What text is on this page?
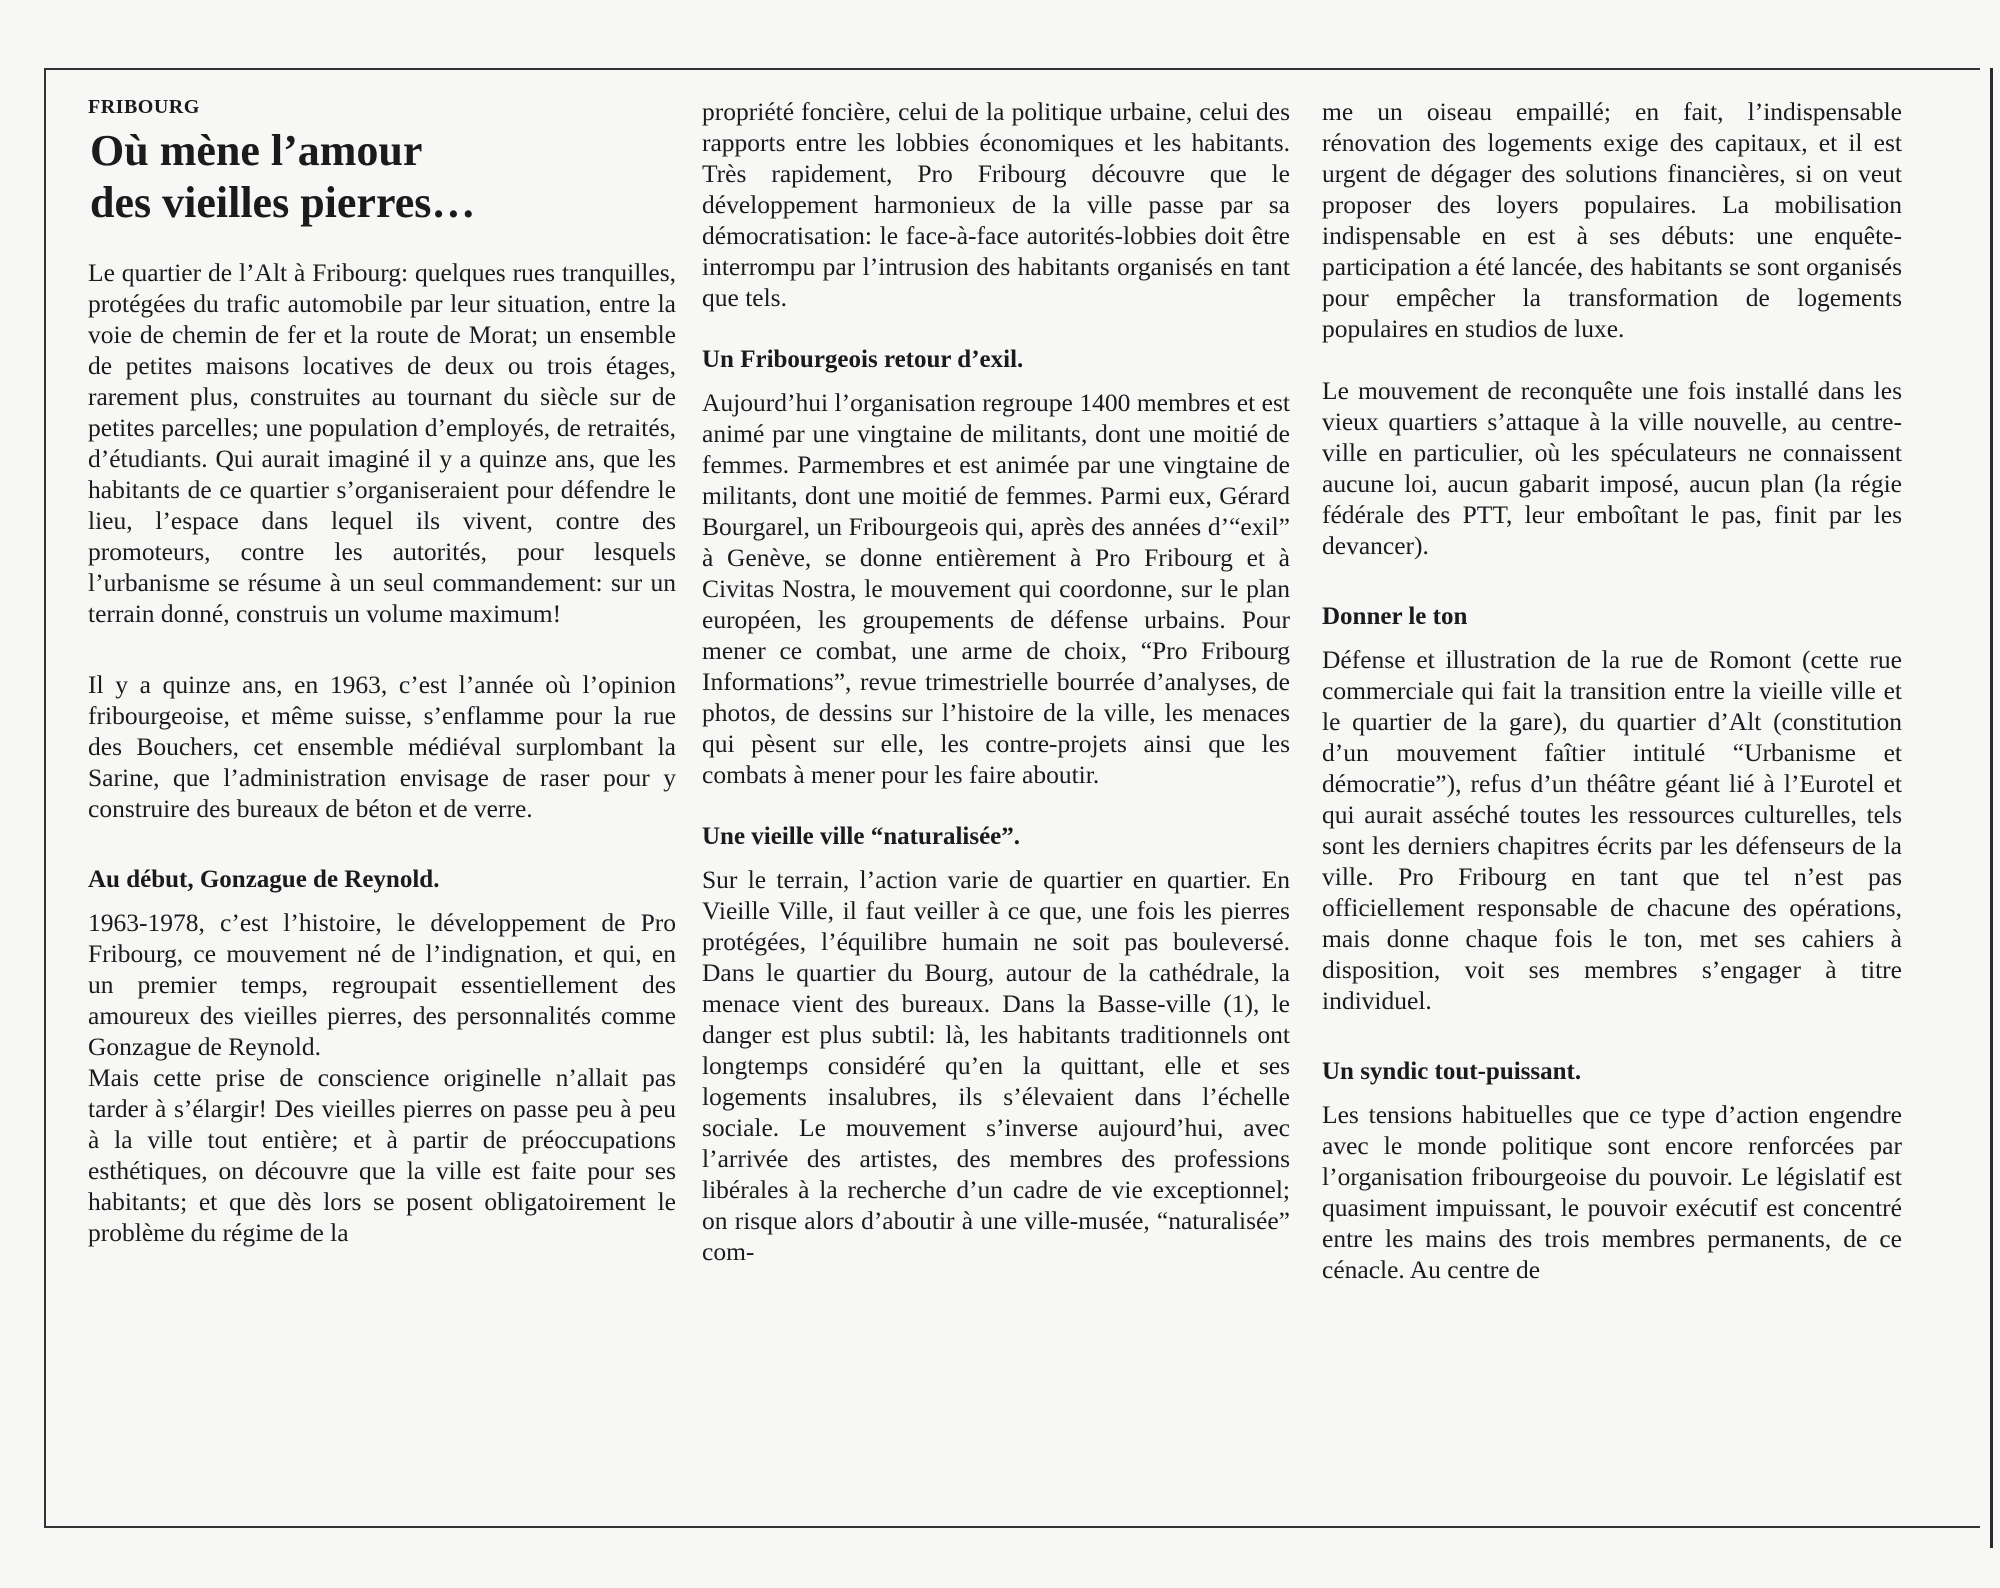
FRIBOURG
Où mène l’amour
des vieilles pierres…

Le quartier de l’Alt à Fribourg: quelques rues tranquilles, protégées du trafic automobile par leur situation, entre la voie de chemin de fer et la route de Morat; un ensemble de petites maisons locatives de deux ou trois étages, rarement plus, construites au tournant du siècle sur de petites parcelles; une population d’employés, de retraités, d’étudiants. Qui aurait imaginé il y a quinze ans, que les habitants de ce quartier s’organiseraient pour défendre le lieu, l’espace dans lequel ils vivent, contre des promoteurs, contre les autorités, pour lesquels l’urbanisme se résume à un seul commandement: sur un terrain donné, construis un volume maximum!

Il y a quinze ans, en 1963, c’est l’année où l’opinion fribourgeoise, et même suisse, s’enflamme pour la rue des Bouchers, cet ensemble médiéval surplombant la Sarine, que l’administration envisage de raser pour y construire des bureaux de béton et de verre.

Au début, Gonzague de Reynold.

1963-1978, c’est l’histoire, le développement de Pro Fribourg, ce mouvement né de l’indignation, et qui, en un premier temps, regroupait essentiellement des amoureux des vieilles pierres, des personnalités comme Gonzague de Reynold.

Mais cette prise de conscience originelle n’allait pas tarder à s’élargir! Des vieilles pierres on passe peu à peu à la ville tout entière; et à partir de préoccupations esthétiques, on découvre que la ville est faite pour ses habitants; et que dès lors se posent obligatoirement le problème du régime de la

propriété foncière, celui de la politique urbaine, celui des rapports entre les lobbies économiques et les habitants. Très rapidement, Pro Fribourg découvre que le développement harmonieux de la ville passe par sa démocratisation: le face-à-face autorités-lobbies doit être interrompu par l’intrusion des habitants organisés en tant que tels.

Un Fribourgeois retour d’exil.

Aujourd’hui l’organisation regroupe 1400 membres et est animé par une vingtaine de militants, dont une moitié de femmes. Parmembres et est animée par une vingtaine de militants, dont une moitié de femmes. Parmi eux, Gérard Bourgarel, un Fribourgeois qui, après des années d’“exil” à Genève, se donne entièrement à Pro Fribourg et à Civitas Nostra, le mouvement qui coordonne, sur le plan européen, les groupements de défense urbains. Pour mener ce combat, une arme de choix, “Pro Fribourg Informations”, revue trimestrielle bourrée d’analyses, de photos, de dessins sur l’histoire de la ville, les menaces qui pèsent sur elle, les contre-projets ainsi que les combats à mener pour les faire aboutir.

Une vieille ville “naturalisée”.

Sur le terrain, l’action varie de quartier en quartier. En Vieille Ville, il faut veiller à ce que, une fois les pierres protégées, l’équilibre humain ne soit pas bouleversé. Dans le quartier du Bourg, autour de la cathédrale, la menace vient des bureaux. Dans la Basse-ville (1), le danger est plus subtil: là, les habitants traditionnels ont longtemps considéré qu’en la quittant, elle et ses logements insalubres, ils s’élevaient dans l’échelle sociale. Le mouvement s’inverse aujourd’hui, avec l’arrivée des artistes, des membres des professions libérales à la recherche d’un cadre de vie exceptionnel; on risque alors d’aboutir à une ville-musée, “naturalisée” com-

me un oiseau empaillé; en fait, l’indispensable rénovation des logements exige des capitaux, et il est urgent de dégager des solutions financières, si on veut proposer des loyers populaires. La mobilisation indispensable en est à ses débuts: une enquête-participation a été lancée, des habitants se sont organisés pour empêcher la transformation de logements populaires en studios de luxe.

Le mouvement de reconquête une fois installé dans les vieux quartiers s’attaque à la ville nouvelle, au centre-ville en particulier, où les spéculateurs ne connaissent aucune loi, aucun gabarit imposé, aucun plan (la régie fédérale des PTT, leur emboîtant le pas, finit par les devancer).

Donner le ton

Défense et illustration de la rue de Romont (cette rue commerciale qui fait la transition entre la vieille ville et le quartier de la gare), du quartier d’Alt (constitution d’un mouvement faîtier intitulé “Urbanisme et démocratie”), refus d’un théâtre géant lié à l’Eurotel et qui aurait asséché toutes les ressources culturelles, tels sont les derniers chapitres écrits par les défenseurs de la ville. Pro Fribourg en tant que tel n’est pas officiellement responsable de chacune des opérations, mais donne chaque fois le ton, met ses cahiers à disposition, voit ses membres s’engager à titre individuel.

Un syndic tout-puissant.

Les tensions habituelles que ce type d’action engendre avec le monde politique sont encore renforcées par l’organisation fribourgeoise du pouvoir. Le législatif est quasiment impuissant, le pouvoir exécutif est concentré entre les mains des trois membres permanents, de ce cénacle. Au centre de
